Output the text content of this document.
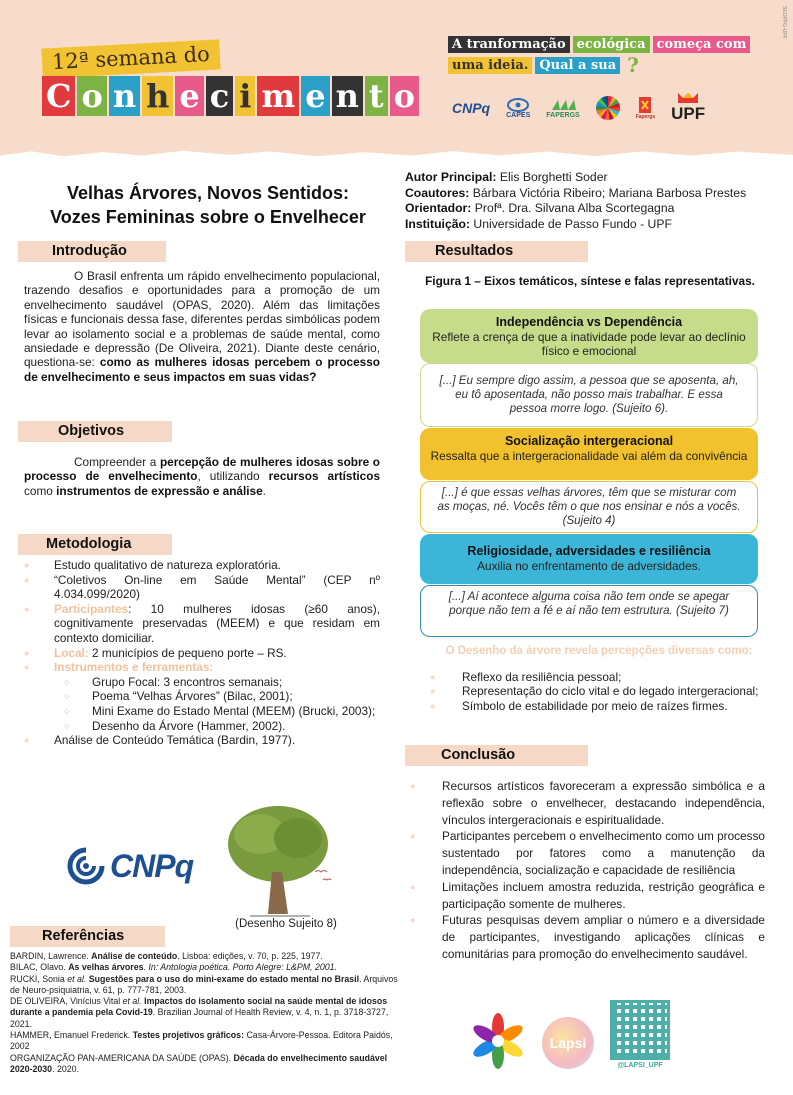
SEOPPG-UPF
12ª semana do
C o n h e c i m e n t o
A tranformação ecológica começa com
uma ideia. Qual a sua ?
CNPq CAPES FAPERGS	Fapergs UPF
Velhas Árvores, Novos Sentidos:
Vozes Femininas sobre o Envelhecer
Autor Principal: Elis Borghetti Soder
Coautores: Bárbara Victória Ribeiro; Mariana Barbosa Prestes
Orientador: Profª. Dra. Silvana Alba Scortegagna
Instituição: Universidade de Passo Fundo - UPF
Introdução
O Brasil enfrenta um rápido envelhecimento populacional, trazendo desafios e oportunidades para a promoção de um envelhecimento saudável (OPAS, 2020). Além das limitações físicas e funcionais dessa fase, diferentes perdas simbólicas podem levar ao isolamento social e a problemas de saúde mental, como ansiedade e depressão (De Oliveira, 2021). Diante deste cenário, questiona-se: como as mulheres idosas percebem o processo de envelhecimento e seus impactos em suas vidas?
Objetivos
Compreender a percepção de mulheres idosas sobre o processo de envelhecimento, utilizando recursos artísticos como instrumentos de expressão e análise.
Metodologia
● Estudo qualitativo de natureza exploratória.
● “Coletivos On-line em Saúde Mental” (CEP nº 4.034.099/2020)
● Participantes: 10 mulheres idosas (≥60 anos), cognitivamente preservadas (MEEM) e que residam em contexto domiciliar.
● Local: 2 municípios de pequeno porte – RS.
● Instrumentos e ferramentas:
○ Grupo Focal: 3 encontros semanais;
○ Poema “Velhas Árvores” (Bilac, 2001);
○ Mini Exame do Estado Mental (MEEM) (Brucki, 2003);
○ Desenho da Árvore (Hammer, 2002).
● Análise de Conteúdo Temática (Bardin, 1977).
CNPq
(Desenho Sujeito 8)
Referências
BARDIN, Lawrence. Análise de conteúdo. Lisboa: edições, v. 70, p. 225, 1977.
BILAC, Olavo. As velhas árvores. In: Antologia poética. Porto Alegre: L&PM, 2001.
RUCKI, Sonia et al. Sugestões para o uso do mini-exame do estado mental no Brasil. Arquivos de Neuro-psiquiatria, v. 61, p. 777-781, 2003.
DE OLIVEIRA, Vinícius Vital et al. Impactos do isolamento social na saúde mental de idosos durante a pandemia pela Covid-19. Brazilian Journal of Health Review, v. 4, n. 1, p. 3718-3727, 2021.
HAMMER, Emanuel Frederick. Testes projetivos gráficos: Casa-Árvore-Pessoa. Editora Paidós, 2002
ORGANIZAÇÃO PAN-AMERICANA DA SAÚDE (OPAS). Década do envelhecimento saudável 2020-2030. 2020.
Resultados
Figura 1 – Eixos temáticos, síntese e falas representativas.
Independência vs Dependência
Reflete a crença de que a inatividade pode levar ao declínio físico e emocional
[...] Eu sempre digo assim, a pessoa que se aposenta, ah, eu tô aposentada, não posso mais trabalhar. E essa pessoa morre logo. (Sujeito 6).
Socialização intergeracional
Ressalta que a intergeracionalidade vai além da convivência
[...] é que essas velhas árvores, têm que se misturar com as moças, né. Vocês têm o que nos ensinar e nós a vocês. (Sujeito 4)
Religiosidade, adversidades e resiliência
Auxilia no enfrentamento de adversidades.
[...] Aí acontece alguma coisa não tem onde se apegar porque não tem a fé e aí não tem estrutura. (Sujeito 7)
O Desenho da árvore revela percepções diversas como:
● Reflexo da resiliência pessoal;
● Representação do ciclo vital e do legado intergeracional;
● Símbolo de estabilidade por meio de raízes firmes.
Conclusão
● Recursos artísticos favoreceram a expressão simbólica e a reflexão sobre o envelhecer, destacando independência, vínculos intergeracionais e espiritualidade.
● Participantes percebem o envelhecimento como um processo sustentado por fatores como a manutenção da independência, socialização e capacidade de resiliência
● Limitações incluem amostra reduzida, restrição geográfica e participação somente de mulheres.
● Futuras pesquisas devem ampliar o número e a diversidade de participantes, investigando aplicações clínicas e comunitárias para promoção do envelhecimento saudável.
Lapsi
@LAPSI_UPF
